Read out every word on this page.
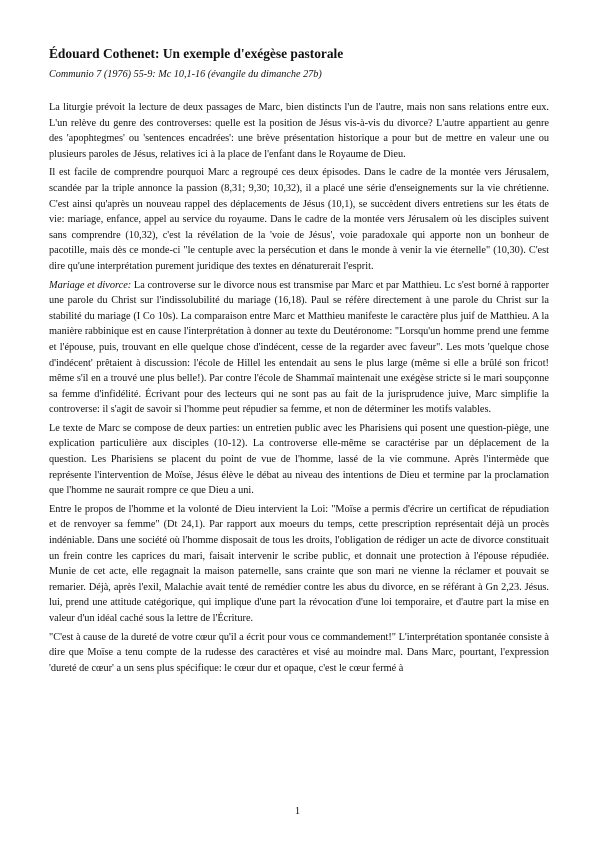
Édouard Cothenet: Un exemple d'exégèse pastorale

Communio 7 (1976) 55-9: Mc 10,1-16 (évangile du dimanche 27b)

La liturgie prévoit la lecture de deux passages de Marc, bien distincts l'un de l'autre, mais non sans relations entre eux. L'un relève du genre des controverses: quelle est la position de Jésus vis-à-vis du divorce? L'autre appartient au genre des 'apophtegmes' ou 'sentences encadrées': une brève présentation historique a pour but de mettre en valeur une ou plusieurs paroles de Jésus, relatives ici à la place de l'enfant dans le Royaume de Dieu.

Il est facile de comprendre pourquoi Marc a regroupé ces deux épisodes. Dans le cadre de la montée vers Jérusalem, scandée par la triple annonce la passion (8,31; 9,30; 10,32), il a placé une série d'enseignements sur la vie chrétienne. C'est ainsi qu'après un nouveau rappel des déplacements de Jésus (10,1), se succèdent divers entretiens sur les états de vie: mariage, enfance, appel au service du royaume. Dans le cadre de la montée vers Jérusalem où les disciples suivent sans comprendre (10,32), c'est la révélation de la 'voie de Jésus', voie paradoxale qui apporte non un bonheur de pacotille, mais dès ce monde-ci "le centuple avec la persécution et dans le monde à venir la vie éternelle" (10,30). C'est dire qu'une interprétation purement juridique des textes en dénaturerait l'esprit.

Mariage et divorce: La controverse sur le divorce nous est transmise par Marc et par Matthieu. Lc s'est borné à rapporter une parole du Christ sur l'indissolubilité du mariage (16,18). Paul se réfère directement à une parole du Christ sur la stabilité du mariage (I Co 10s). La comparaison entre Marc et Matthieu manifeste le caractère plus juif de Matthieu. A la manière rabbinique est en cause l'interprétation à donner au texte du Deutéronome: "Lorsqu'un homme prend une femme et l'épouse, puis, trouvant en elle quelque chose d'indécent, cesse de la regarder avec faveur". Les mots 'quelque chose d'indécent' prêtaient à discussion: l'école de Hillel les entendait au sens le plus large (même si elle a brûlé son fricot! même s'il en a trouvé une plus belle!). Par contre l'école de Shammaï maintenait une exégèse stricte si le mari soupçonne sa femme d'infidélité. Écrivant pour des lecteurs qui ne sont pas au fait de la jurisprudence juive, Marc simplifie la controverse: il s'agit de savoir si l'homme peut répudier sa femme, et non de déterminer les motifs valables.

Le texte de Marc se compose de deux parties: un entretien public avec les Pharisiens qui posent une question-piège, une explication particulière aux disciples (10-12). La controverse elle-même se caractérise par un déplacement de la question. Les Pharisiens se placent du point de vue de l'homme, lassé de la vie commune. Après l'intermède que représente l'intervention de Moïse, Jésus élève le débat au niveau des intentions de Dieu et termine par la proclamation que l'homme ne saurait rompre ce que Dieu a uni.

Entre le propos de l'homme et la volonté de Dieu intervient la Loi: "Moïse a permis d'écrire un certificat de répudiation et de renvoyer sa femme" (Dt 24,1). Par rapport aux moeurs du temps, cette prescription représentait déjà un procès indéniable. Dans une société où l'homme disposait de tous les droits, l'obligation de rédiger un acte de divorce constituait un frein contre les caprices du mari, faisait intervenir le scribe public, et donnait une protection à l'épouse répudiée. Munie de cet acte, elle regagnait la maison paternelle, sans crainte que son mari ne vienne la réclamer et pouvait se remarier. Déjà, après l'exil, Malachie avait tenté de remédier contre les abus du divorce, en se référant à Gn 2,23. Jésus. lui, prend une attitude catégorique, qui implique d'une part la révocation d'une loi temporaire, et d'autre part la mise en valeur d'un idéal caché sous la lettre de l'Écriture.

"C'est à cause de la dureté de votre cœur qu'il a écrit pour vous ce commandement!" L'interprétation spontanée consiste à dire que Moïse a tenu compte de la rudesse des caractères et visé au moindre mal. Dans Marc, pourtant, l'expression 'dureté de cœur' a un sens plus spécifique: le cœur dur et opaque, c'est le cœur fermé à

1
